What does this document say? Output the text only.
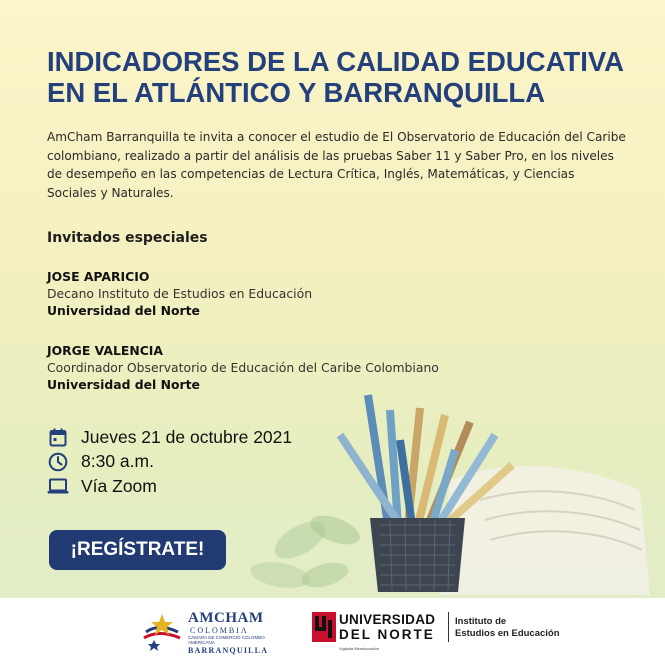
INDICADORES DE LA CALIDAD EDUCATIVA
EN EL ATLÁNTICO Y BARRANQUILLA

AmCham Barranquilla te invita a conocer el estudio de El Observatorio de Educación del Caribe colombiano, realizado a partir del análisis de las pruebas Saber 11 y Saber Pro, en los niveles de desempeño en las competencias de Lectura Crítica, Inglés, Matemáticas, y Ciencias Sociales y Naturales.

Invitados especiales
JOSE APARICIO
Decano Instituto de Estudios en Educación
Universidad del Norte
JORGE VALENCIA
Coordinador Observatorio de Educación del Caribe Colombiano
Universidad del Norte
Jueves 21 de octubre 2021
8:30 a.m.
Vía Zoom
¡REGÍSTRATE!
AMCHAM
COLOMBIA
CÁMARA DE COMERCIO COLOMBO AMERICANA
BARRANQUILLA
UNIVERSIDAD
DEL NORTE
Vigilada Mineducación
Instituto de
Estudios en Educación
